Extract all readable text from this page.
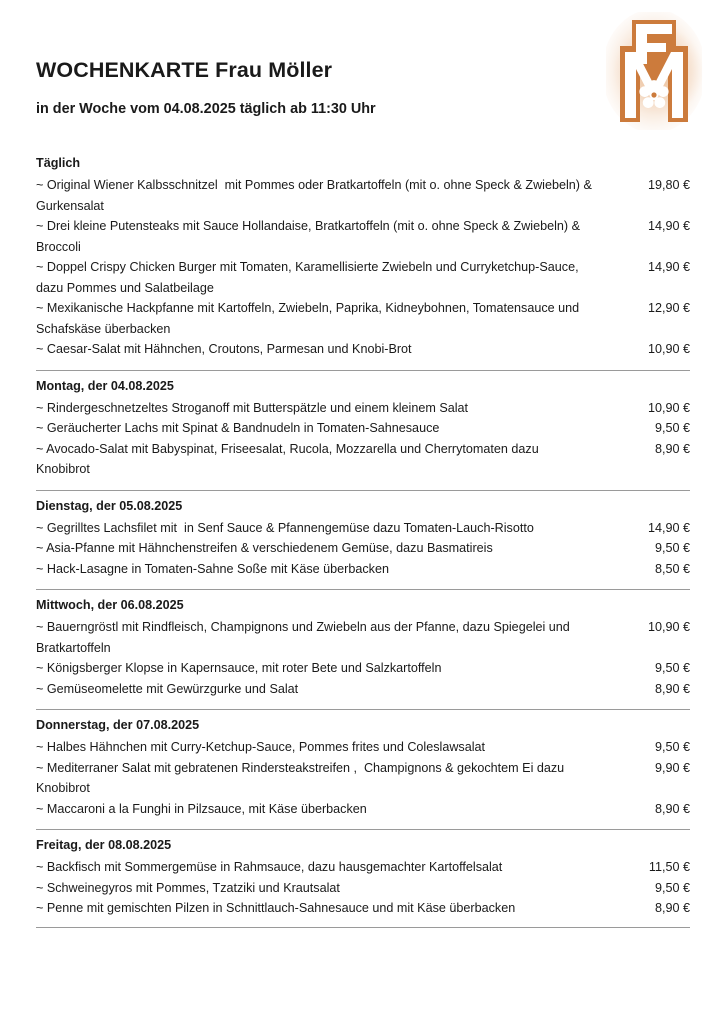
WOCHENKARTE Frau Möller
in der Woche vom 04.08.2025 täglich ab 11:30 Uhr
Täglich
~ Original Wiener Kalbsschnitzel  mit Pommes oder Bratkartoffeln (mit o. ohne Speck & Zwiebeln) & Gurkensalat
19,80 €
~ Drei kleine Putensteaks mit Sauce Hollandaise, Bratkartoffeln (mit o. ohne Speck & Zwiebeln) & Broccoli
14,90 €
~ Doppel Crispy Chicken Burger mit Tomaten, Karamellisierte Zwiebeln und Curryketchup-Sauce, dazu Pommes und Salatbeilage
14,90 €
~ Mexikanische Hackpfanne mit Kartoffeln, Zwiebeln, Paprika, Kidneybohnen, Tomatensauce und Schafskäse überbacken
12,90 €
~ Caesar-Salat mit Hähnchen, Croutons, Parmesan und Knobi-Brot	10,90 €
Montag, der 04.08.2025
~ Rindergeschnetzeltes Stroganoff mit Butterspätzle und einem kleinem Salat	10,90 €
~ Geräucherter Lachs mit Spinat & Bandnudeln in Tomaten-Sahnesauce	9,50 €
~ Avocado-Salat mit Babyspinat, Friseesalat, Rucola, Mozzarella und Cherrytomaten dazu Knobibrot
8,90 €
Dienstag, der 05.08.2025
~ Gegrilltes Lachsfilet mit  in Senf Sauce & Pfannengemüse dazu Tomaten-Lauch-Risotto	14,90 €
~ Asia-Pfanne mit Hähnchenstreifen & verschiedenem Gemüse, dazu Basmatireis	9,50 €
~ Hack-Lasagne in Tomaten-Sahne Soße mit Käse überbacken	8,50 €
Mittwoch, der 06.08.2025
~ Bauerngröstl mit Rindfleisch, Champignons und Zwiebeln aus der Pfanne, dazu Spiegelei und Bratkartoffeln
10,90 €
~ Königsberger Klopse in Kapernsauce, mit roter Bete und Salzkartoffeln	9,50 €
~ Gemüseomelette mit Gewürzgurke und Salat	8,90 €
Donnerstag, der 07.08.2025
~ Halbes Hähnchen mit Curry-Ketchup-Sauce, Pommes frites und Coleslawsalat	9,50 €
~ Mediterraner Salat mit gebratenen Rindersteakstreifen ,  Champignons & gekochtem Ei dazu Knobibrot
9,90 €
~ Maccaroni a la Funghi in Pilzsauce, mit Käse überbacken	8,90 €
Freitag, der 08.08.2025
~ Backfisch mit Sommergemüse in Rahmsauce, dazu hausgemachter Kartoffelsalat	11,50 €
~ Schweinegyros mit Pommes, Tzatziki und Krautsalat	9,50 €
~ Penne mit gemischten Pilzen in Schnittlauch-Sahnesauce und mit Käse überbacken	8,90 €
